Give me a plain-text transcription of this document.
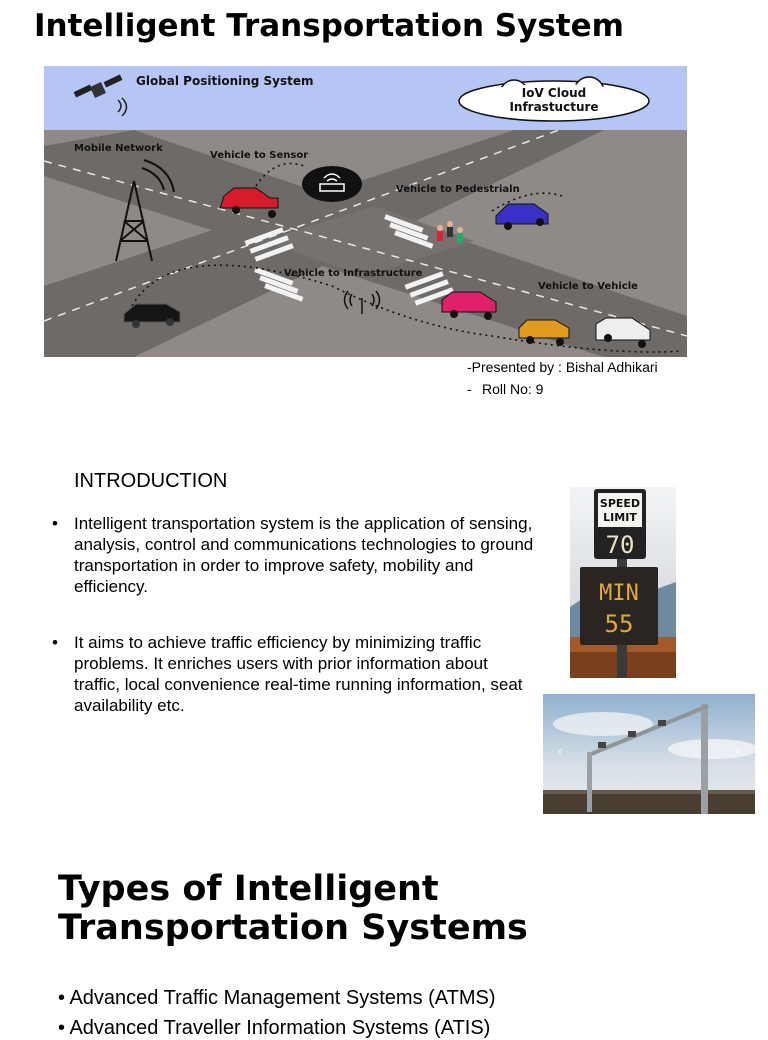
Intelligent Transportation System
Global Positioning System
IoV Cloud
Infrastucture
Mobile Network
Vehicle to Sensor
Vehicle to Pedestrialn
Vehicle to Infrastructure
Vehicle to Vehicle
-Presented by : Bishal Adhikari
- Roll No: 9
INTRODUCTION
• Intelligent transportation system is the application of sensing, analysis, control and communications technologies to ground transportation in order to improve safety, mobility and efficiency.
• It aims to achieve traffic efficiency by minimizing traffic problems. It enriches users with prior information about traffic, local convenience real-time running information, seat availability etc.
SPEED
LIMIT
70
MIN
55
‹	›
Types of Intelligent Transportation Systems
• Advanced Traffic Management Systems (ATMS)
• Advanced Traveller Information Systems (ATIS)
